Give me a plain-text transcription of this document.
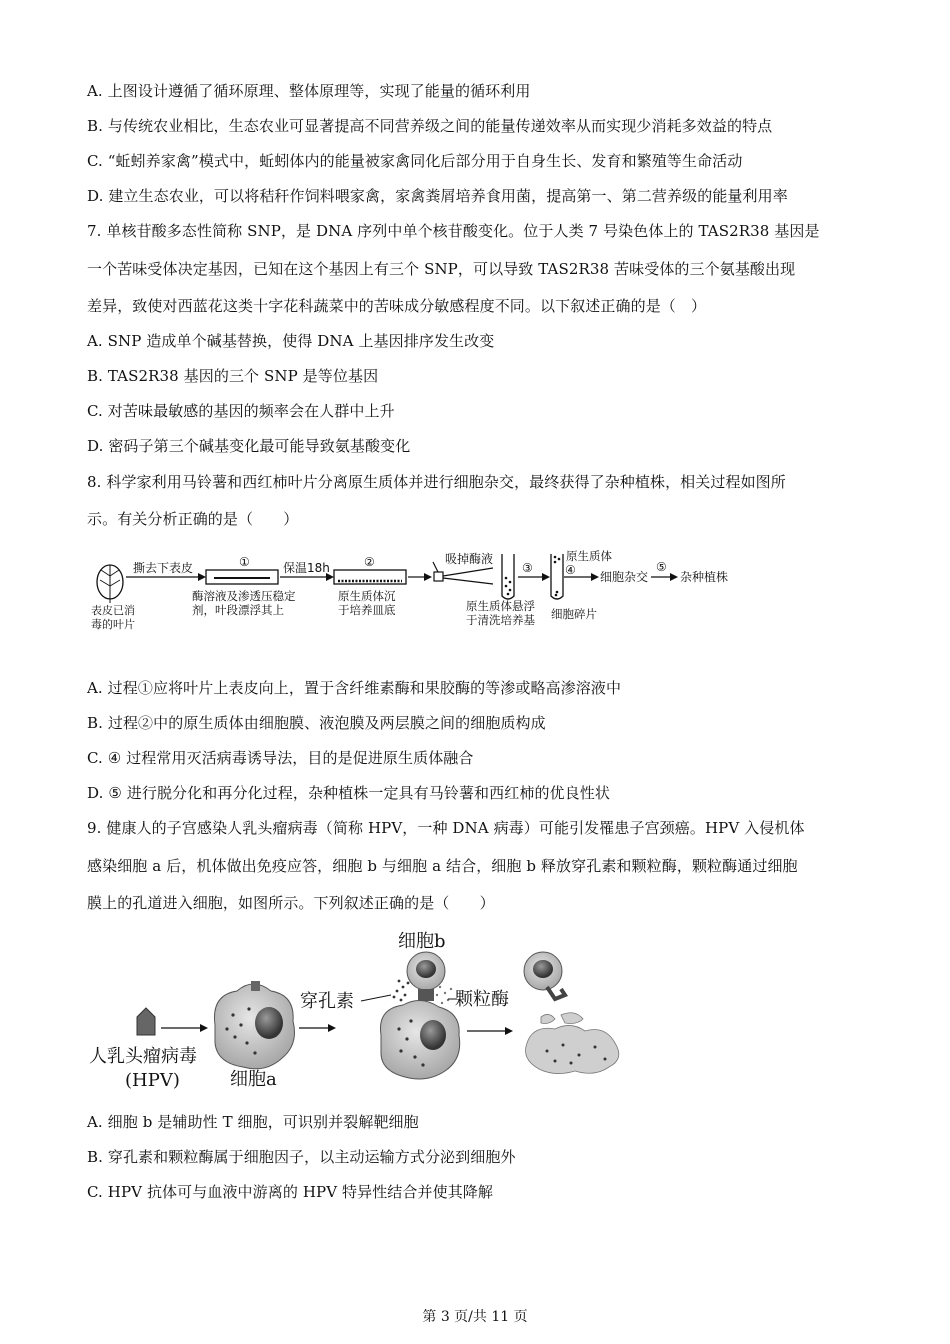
A. 上图设计遵循了循环原理、整体原理等，实现了能量的循环利用
B. 与传统农业相比，生态农业可显著提高不同营养级之间的能量传递效率从而实现少消耗多效益的特点
C. “蚯蚓养家禽”模式中，蚯蚓体内的能量被家禽同化后部分用于自身生长、发育和繁殖等生命活动
D. 建立生态农业，可以将秸秆作饲料喂家禽，家禽粪屑培养食用菌，提高第一、第二营养级的能量利用率
7. 单核苷酸多态性简称 SNP，是 DNA 序列中单个核苷酸变化。位于人类 7 号染色体上的 TAS2R38 基因是
一个苦味受体决定基因，已知在这个基因上有三个 SNP，可以导致 TAS2R38 苦味受体的三个氨基酸出现
差异，致使对西蓝花这类十字花科蔬菜中的苦味成分敏感程度不同。以下叙述正确的是（　）
A. SNP 造成单个碱基替换，使得 DNA 上基因排序发生改变
B. TAS2R38 基因的三个 SNP 是等位基因
C. 对苦味最敏感的基因的频率会在人群中上升
D. 密码子第三个碱基变化最可能导致氨基酸变化
8. 科学家利用马铃薯和西红柿叶片分离原生质体并进行细胞杂交，最终获得了杂种植株，相关过程如图所
示。有关分析正确的是（　　）
表皮已消
毒的叶片
撕去下表皮	①
酶溶液及渗透压稳定
剂，叶段漂浮其上
保温18h	②
原生质体沉
于培养皿底
吸掉酶液
原生质体悬浮
于清洗培养基
③
原生质体
细胞碎片
④ 细胞杂交
⑤
杂种植株
A. 过程①应将叶片上表皮向上，置于含纤维素酶和果胶酶的等渗或略高渗溶液中
B. 过程②中的原生质体由细胞膜、液泡膜及两层膜之间的细胞质构成
C. ④ 过程常用灭活病毒诱导法，目的是促进原生质体融合
D. ⑤ 进行脱分化和再分化过程，杂种植株一定具有马铃薯和西红柿的优良性状
9. 健康人的子宫感染人乳头瘤病毒（简称 HPV，一种 DNA 病毒）可能引发罹患子宫颈癌。HPV 入侵机体
感染细胞 a 后，机体做出免疫应答，细胞 b 与细胞 a 结合，细胞 b 释放穿孔素和颗粒酶，颗粒酶通过细胞
膜上的孔道进入细胞，如图所示。下列叙述正确的是（　　）
人乳头瘤病毒
(HPV)	细胞a
穿孔素
细胞b
颗粒酶
A. 细胞 b 是辅助性 T 细胞，可识别并裂解靶细胞
B. 穿孔素和颗粒酶属于细胞因子，以主动运输方式分泌到细胞外
C. HPV 抗体可与血液中游离的 HPV 特异性结合并使其降解
第 3 页/共 11 页
